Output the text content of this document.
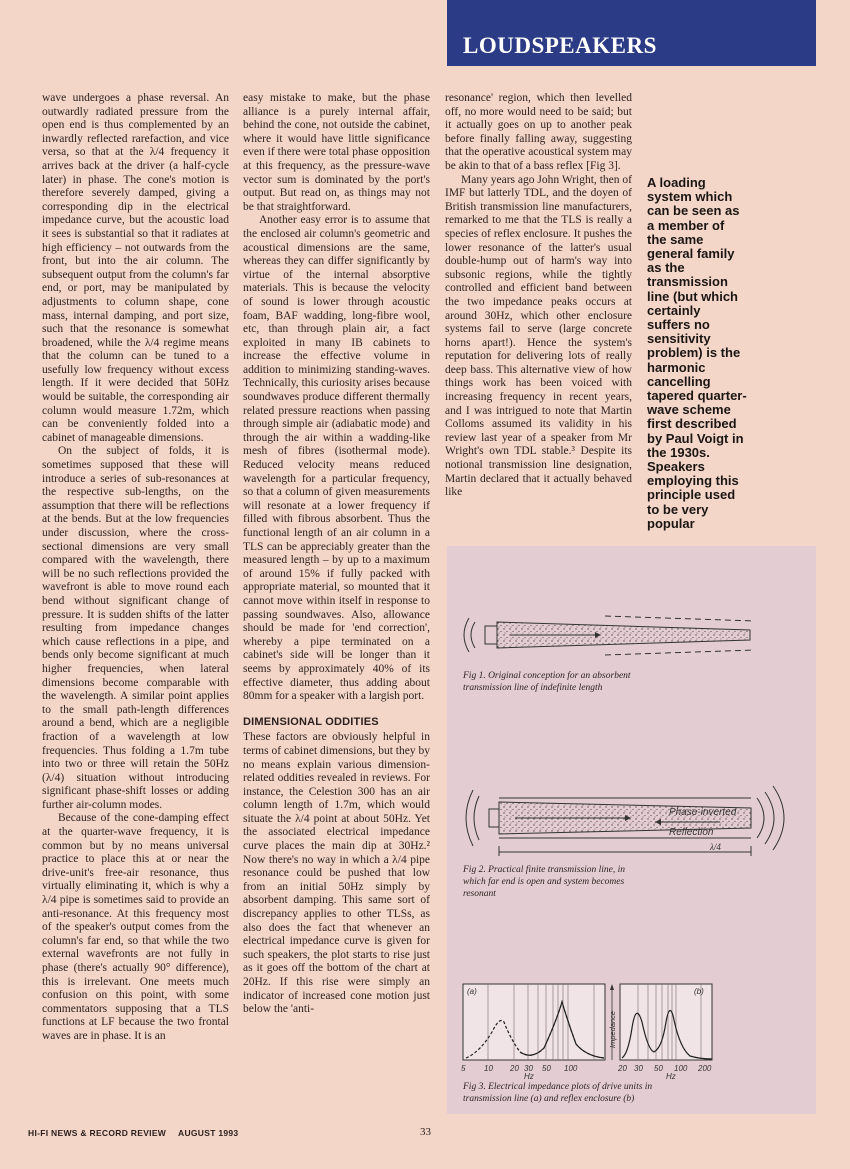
LOUDSPEAKERS

wave undergoes a phase reversal. An outwardly radiated pressure from the open end is thus complemented by an inwardly reflected rarefaction, and vice versa, so that at the λ/4 frequency it arrives back at the driver (a half-cycle later) in phase. The cone's motion is therefore severely damped, giving a corresponding dip in the electrical impedance curve, but the acoustic load it sees is substantial so that it radiates at high efficiency – not outwards from the front, but into the air column. The subsequent output from the column's far end, or port, may be manipulated by adjustments to column shape, cone mass, internal damping, and port size, such that the resonance is somewhat broadened, while the λ/4 regime means that the column can be tuned to a usefully low frequency without excess length. If it were decided that 50Hz would be suitable, the corresponding air column would measure 1.72m, which can be conveniently folded into a cabinet of manageable dimensions.

On the subject of folds, it is sometimes supposed that these will introduce a series of sub-resonances at the respective sub-lengths, on the assumption that there will be reflections at the bends. But at the low frequencies under discussion, where the cross-sectional dimensions are very small compared with the wavelength, there will be no such reflections provided the wavefront is able to move round each bend without significant change of pressure. It is sudden shifts of the latter resulting from impedance changes which cause reflections in a pipe, and bends only become significant at much higher frequencies, when lateral dimensions become comparable with the wavelength. A similar point applies to the small path-length differences around a bend, which are a negligible fraction of a wavelength at low frequencies. Thus folding a 1.7m tube into two or three will retain the 50Hz (λ/4) situation without introducing significant phase-shift losses or adding further air-column modes.

Because of the cone-damping effect at the quarter-wave frequency, it is common but by no means universal practice to place this at or near the drive-unit's free-air resonance, thus virtually eliminating it, which is why a λ/4 pipe is sometimes said to provide an anti-resonance. At this frequency most of the speaker's output comes from the column's far end, so that while the two external wavefronts are not fully in phase (there's actually 90° difference), this is irrelevant. One meets much confusion on this point, with some commentators supposing that a TLS functions at LF because the two frontal waves are in phase. It is an

easy mistake to make, but the phase alliance is a purely internal affair, behind the cone, not outside the cabinet, where it would have little significance even if there were total phase opposition at this frequency, as the pressure-wave vector sum is dominated by the port's output. But read on, as things may not be that straightforward.

Another easy error is to assume that the enclosed air column's geometric and acoustical dimensions are the same, whereas they can differ significantly by virtue of the internal absorptive materials. This is because the velocity of sound is lower through acoustic foam, BAF wadding, long-fibre wool, etc, than through plain air, a fact exploited in many IB cabinets to increase the effective volume in addition to minimizing standing-waves. Technically, this curiosity arises because soundwaves produce different thermally related pressure reactions when passing through simple air (adiabatic mode) and through the air within a wadding-like mesh of fibres (isothermal mode). Reduced velocity means reduced wavelength for a particular frequency, so that a column of given measurements will resonate at a lower frequency if filled with fibrous absorbent. Thus the functional length of an air column in a TLS can be appreciably greater than the measured length – by up to a maximum of around 15% if fully packed with appropriate material, so mounted that it cannot move within itself in response to passing soundwaves. Also, allowance should be made for 'end correction', whereby a pipe terminated on a cabinet's side will be longer than it seems by approximately 40% of its effective diameter, thus adding about 80mm for a speaker with a largish port.

DIMENSIONAL ODDITIES

These factors are obviously helpful in terms of cabinet dimensions, but they by no means explain various dimension-related oddities revealed in reviews. For instance, the Celestion 300 has an air column length of 1.7m, which would situate the λ/4 point at about 50Hz. Yet the associated electrical impedance curve places the main dip at 30Hz.² Now there's no way in which a λ/4 pipe resonance could be pushed that low from an initial 50Hz simply by absorbent damping. This same sort of discrepancy applies to other TLSs, as also does the fact that whenever an electrical impedance curve is given for such speakers, the plot starts to rise just as it goes off the bottom of the chart at 20Hz. If this rise were simply an indicator of increased cone motion just below the 'anti-

resonance' region, which then levelled off, no more would need to be said; but it actually goes on up to another peak before finally falling away, suggesting that the operative acoustical system may be akin to that of a bass reflex [Fig 3].

Many years ago John Wright, then of IMF but latterly TDL, and the doyen of British transmission line manufacturers, remarked to me that the TLS is really a species of reflex enclosure. It pushes the lower resonance of the latter's usual double-hump out of harm's way into subsonic regions, while the tightly controlled and efficient band between the two impedance peaks occurs at around 30Hz, which other enclosure systems fail to serve (large concrete horns apart!). Hence the system's reputation for delivering lots of really deep bass. This alternative view of how things work has been voiced with increasing frequency in recent years, and I was intrigued to note that Martin Colloms assumed its validity in his review last year of a speaker from Mr Wright's own TDL stable.³ Despite its notional transmission line designation, Martin declared that it actually behaved like

A loading system which can be seen as a member of the same general family as the transmission line (but which certainly suffers no sensitivity problem) is the harmonic cancelling tapered quarter-wave scheme first described by Paul Voigt in the 1930s. Speakers employing this principle used to be very popular
Fig 1. Original conception for an absorbent transmission line of indefinite length
Phase-inverted
Reflection
λ/4
Fig 2. Practical finite transmission line, in which far end is open and system becomes resonant
(a)	(b)
Impedance
5 10 20 30 50 100
Hz
20 30 50 100 200
Hz
Fig 3. Electrical impedance plots of drive units in transmission line (a) and reflex enclosure (b)
HI-FI NEWS & RECORD REVIEW AUGUST 1993	33
